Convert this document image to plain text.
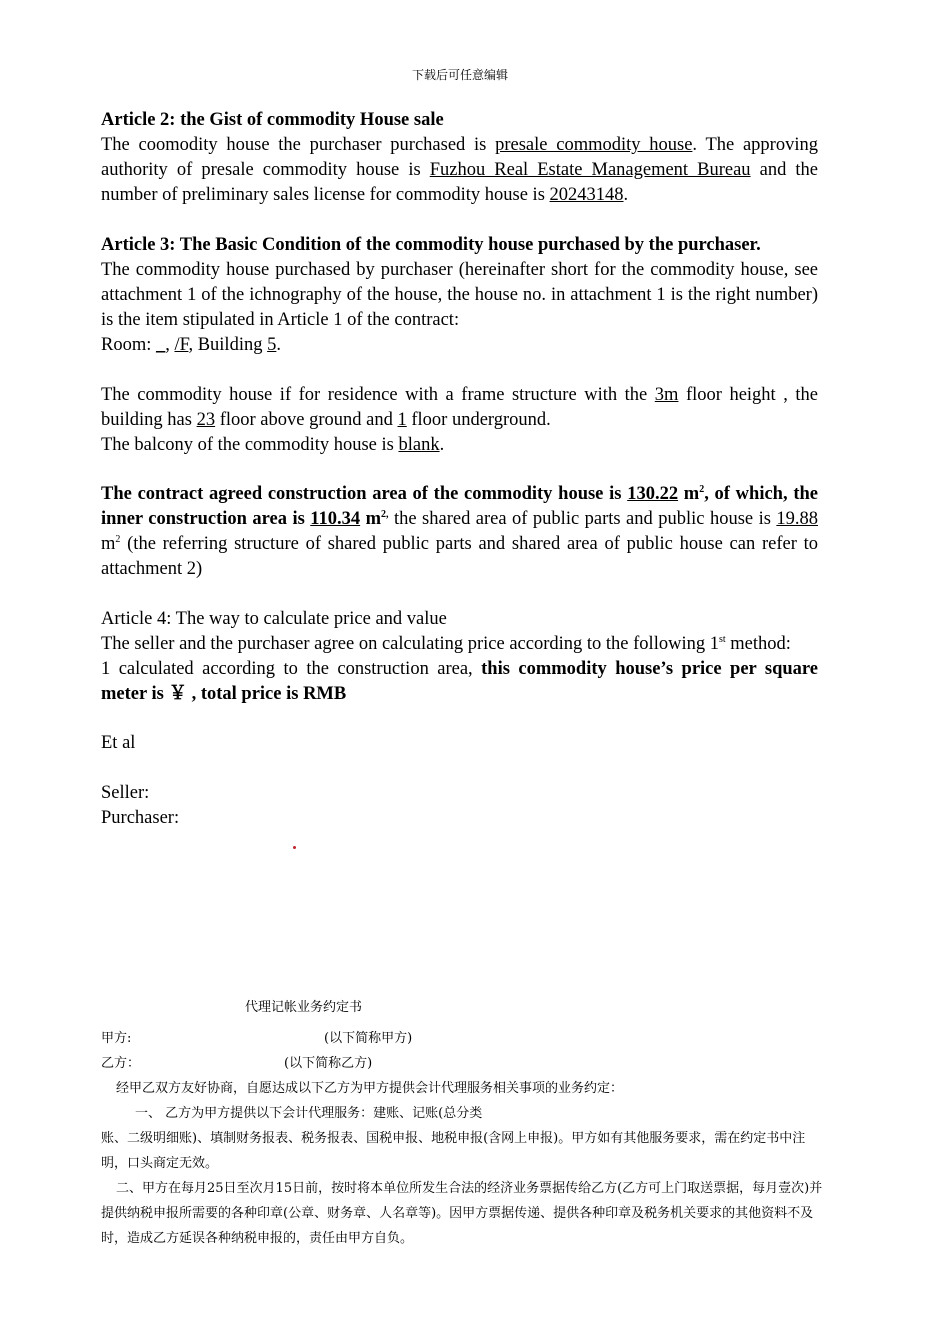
下载后可任意编辑

Article 2: the Gist of commodity House sale

The coomodity house the purchaser purchased is presale commodity house. The approving authority of presale commodity house is Fuzhou Real Estate Management Bureau and the number of preliminary sales license for commodity house is 20243148.

Article 3: The Basic Condition of the commodity house purchased by the purchaser.

The commodity house purchased by purchaser (hereinafter short for the commodity house, see attachment 1 of the ichnography of the house, the house no. in attachment 1 is the right number) is the item stipulated in Article 1 of the contract:

Room: _, /F, Building 5.

The commodity house if for residence with a frame structure with the 3m floor height , the building has 23 floor above ground and 1 floor underground.

The balcony of the commodity house is blank.

The contract agreed construction area of the commodity house is 130.22 $m^2$, of which, the inner construction area is 110.34 $m^{2,}$ the shared area of public parts and public house is 19.88 $m^2$ (the referring structure of shared public parts and shared area of public house can refer to attachment 2)

Article 4: The way to calculate price and value

The seller and the purchaser agree on calculating price according to the following 1st method:

1 calculated according to the construction area, this commodity house’s price per square meter is ￥ , total price is RMB

Et al
Seller:
Purchaser:
代理记帐业务约定书
甲方:	(以下简称甲方)
乙方：	(以下简称乙方)
经甲乙双方友好协商，自愿达成以下乙方为甲方提供会计代理服务相关事项的业务约定：
一、 乙方为甲方提供以下会计代理服务：建账、记账(总分类
账、二级明细账)、填制财务报表、税务报表、国税申报、地税申报(含网上申报)。甲方如有其他服务要求，需在约定书中注明，口头商定无效。
二、甲方在每月25日至次月15日前，按时将本单位所发生合法的经济业务票据传给乙方(乙方可上门取送票据，每月壹次)并提供纳税申报所需要的各种印章(公章、财务章、人名章等)。因甲方票据传递、提供各种印章及税务机关要求的其他资料不及时，造成乙方延误各种纳税申报的，责任由甲方自负。
